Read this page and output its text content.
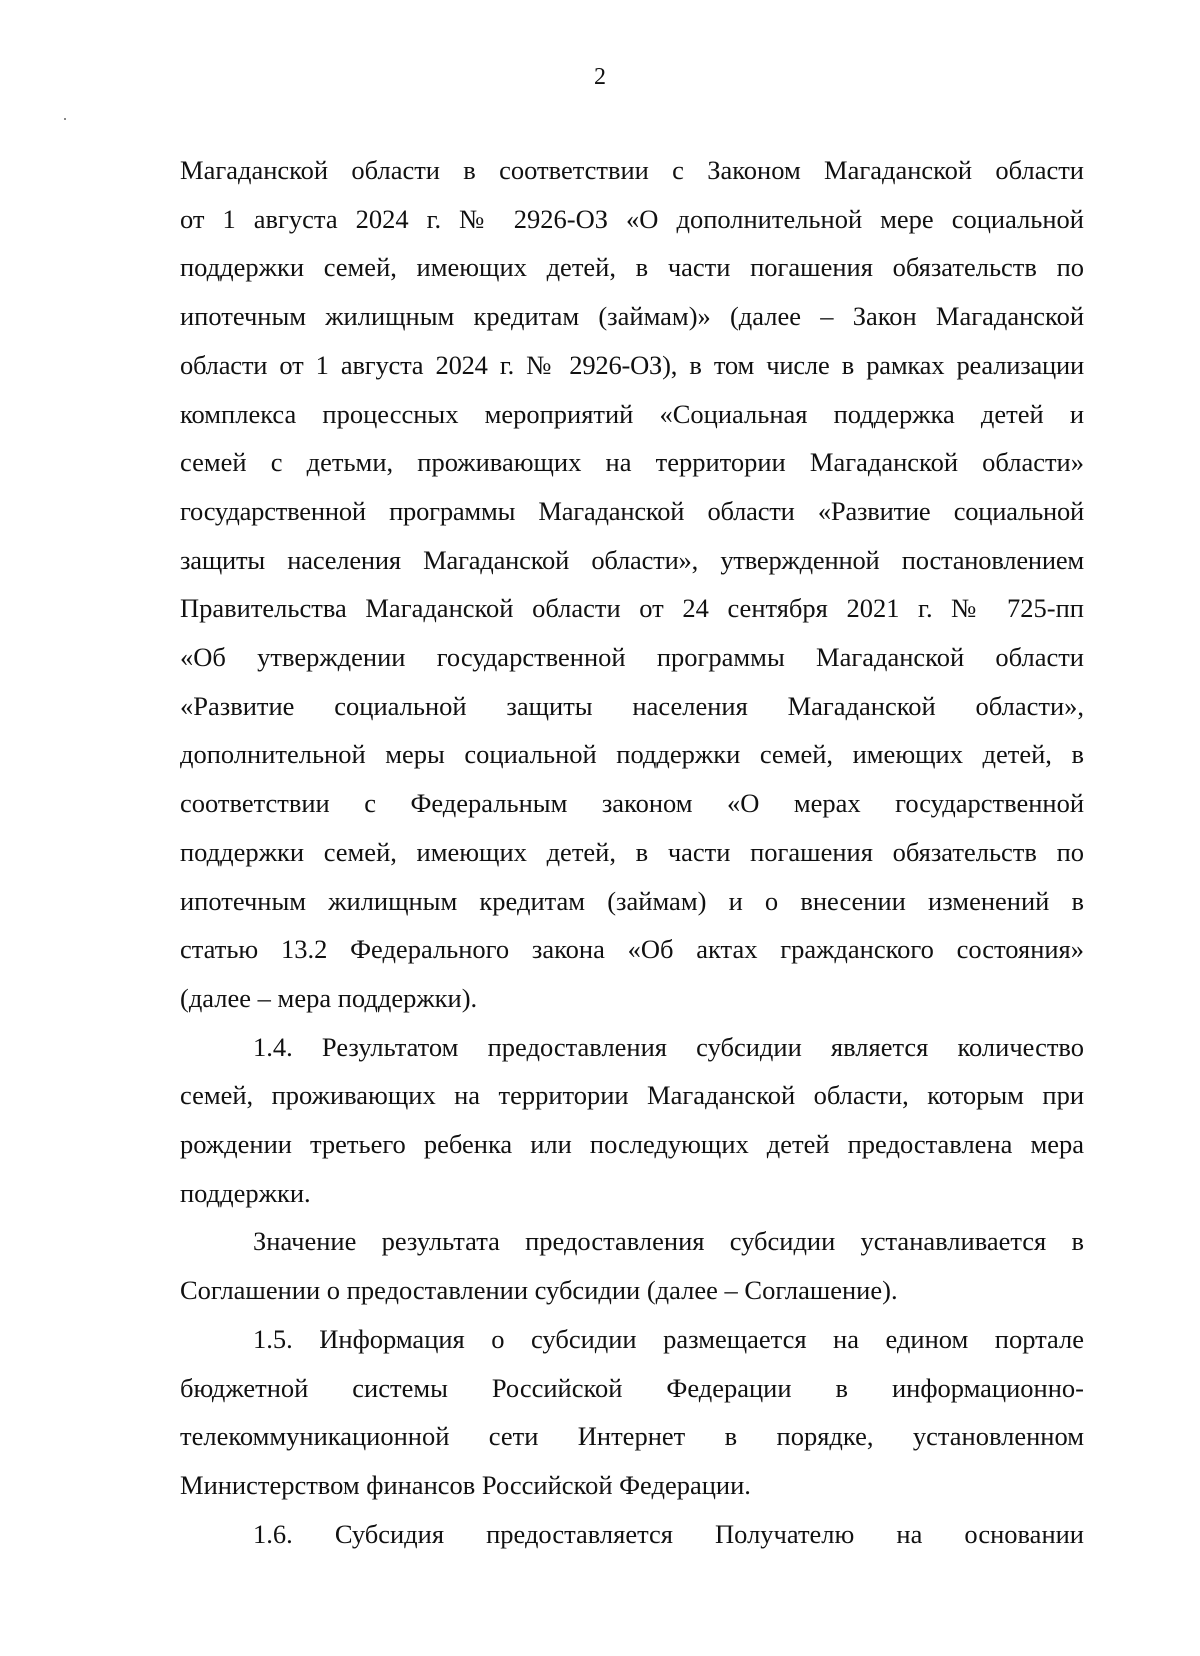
2

Магаданской области в соответствии с Законом Магаданской области
от 1 августа 2024 г. № 2926-ОЗ «О дополнительной мере социальной
поддержки семей, имеющих детей, в части погашения обязательств по
ипотечным жилищным кредитам (займам)» (далее – Закон Магаданской
области от 1 августа 2024 г. № 2926-ОЗ), в том числе в рамках реализации
комплекса процессных мероприятий «Социальная поддержка детей и
семей с детьми, проживающих на территории Магаданской области»
государственной программы Магаданской области «Развитие социальной
защиты населения Магаданской области», утвержденной постановлением
Правительства Магаданской области от 24 сентября 2021 г. № 725-пп
«Об утверждении государственной программы Магаданской области
«Развитие социальной защиты населения Магаданской области»,
дополнительной меры социальной поддержки семей, имеющих детей, в
соответствии с Федеральным законом «О мерах государственной
поддержки семей, имеющих детей, в части погашения обязательств по
ипотечным жилищным кредитам (займам) и о внесении изменений в
статью 13.2 Федерального закона «Об актах гражданского состояния»
(далее – мера поддержки).

1.4. Результатом предоставления субсидии является количество
семей, проживающих на территории Магаданской области, которым при
рождении третьего ребенка или последующих детей предоставлена мера
поддержки.

Значение результата предоставления субсидии устанавливается в
Соглашении о предоставлении субсидии (далее – Соглашение).

1.5. Информация о субсидии размещается на едином портале
бюджетной системы Российской Федерации в информационно-
телекоммуникационной сети Интернет в порядке, установленном
Министерством финансов Российской Федерации.

1.6. Субсидия предоставляется Получателю на основании
